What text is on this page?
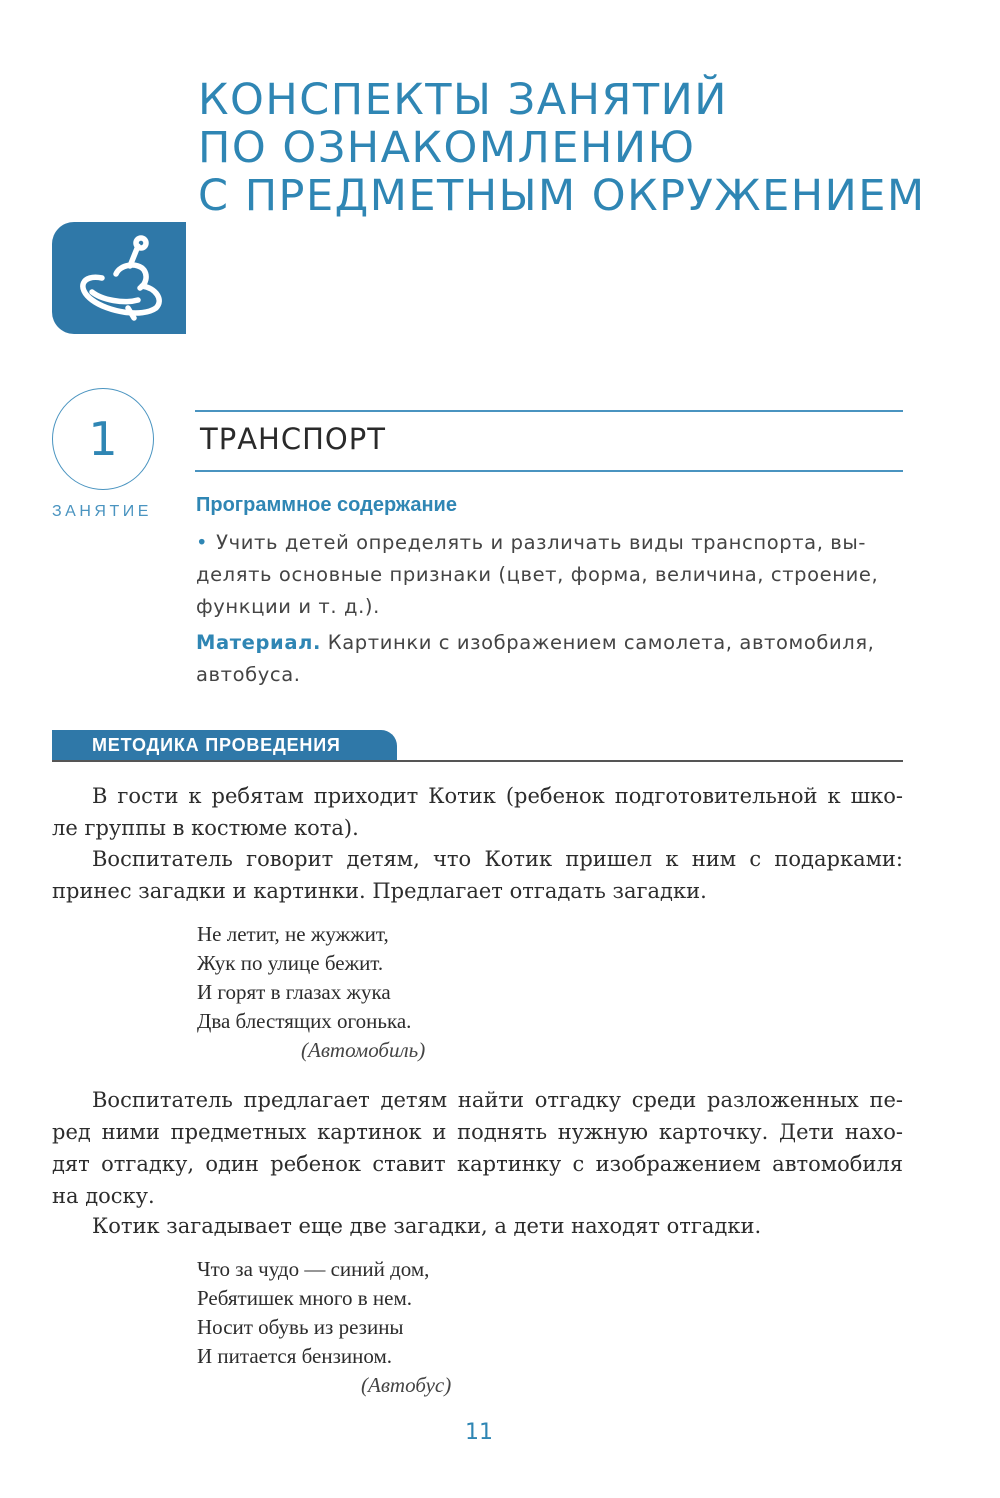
КОНСПЕКТЫ ЗАНЯТИЙ
ПО ОЗНАКОМЛЕНИЮ
С ПРЕДМЕТНЫМ ОКРУЖЕНИЕМ
1
ЗАНЯТИЕ
ТРАНСПОРТ
Программное содержание
• Учить детей определять и различать виды транспорта, вы-
делять основные признаки (цвет, форма, величина, строение,
функции и т. д.).
Материал. Картинки с изображением самолета, автомобиля,
автобуса.
МЕТОДИКА ПРОВЕДЕНИЯ
В гости к ребятам приходит Котик (ребенок подготовительной к шко-
ле группы в костюме кота).
Воспитатель говорит детям, что Котик пришел к ним с подарками:
принес загадки и картинки. Предлагает отгадать загадки.
Не летит, не жужжит,
Жук по улице бежит.
И горят в глазах жука
Два блестящих огонька.
(Автомобиль)
Воспитатель предлагает детям найти отгадку среди разложенных пе-
ред ними предметных картинок и поднять нужную карточку. Дети нахо-
дят отгадку, один ребенок ставит картинку с изображением автомобиля
на доску.
Котик загадывает еще две загадки, а дети находят отгадки.
Что за чудо — синий дом,
Ребятишек много в нем.
Носит обувь из резины
И питается бензином.
(Автобус)
11
